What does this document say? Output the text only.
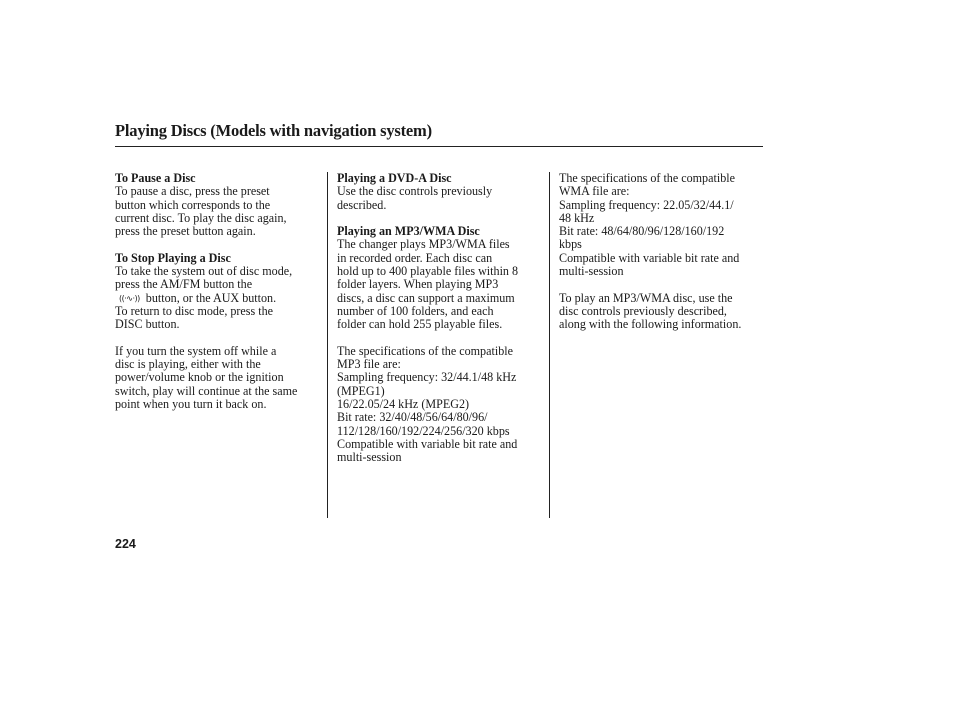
Playing Discs (Models with navigation system)
To Pause a Disc
To pause a disc, press the preset
button which corresponds to the
current disc. To play the disc again,
press the preset button again.
To Stop Playing a Disc
To take the system out of disc mode,
press the AM/FM button the
((·∿·)) button, or the AUX button.
To return to disc mode, press the
DISC button.
If you turn the system off while a
disc is playing, either with the
power/volume knob or the ignition
switch, play will continue at the same
point when you turn it back on.
Playing a DVD-A Disc
Use the disc controls previously
described.
Playing an MP3/WMA Disc
The changer plays MP3/WMA files
in recorded order. Each disc can
hold up to 400 playable files within 8
folder layers. When playing MP3
discs, a disc can support a maximum
number of 100 folders, and each
folder can hold 255 playable files.
The specifications of the compatible
MP3 file are:
Sampling frequency: 32/44.1/48 kHz
(MPEG1)
16/22.05/24 kHz (MPEG2)
Bit rate: 32/40/48/56/64/80/96/
112/128/160/192/224/256/320 kbps
Compatible with variable bit rate and
multi-session
The specifications of the compatible
WMA file are:
Sampling frequency: 22.05/32/44.1/
48 kHz
Bit rate: 48/64/80/96/128/160/192
kbps
Compatible with variable bit rate and
multi-session
To play an MP3/WMA disc, use the
disc controls previously described,
along with the following information.
224
